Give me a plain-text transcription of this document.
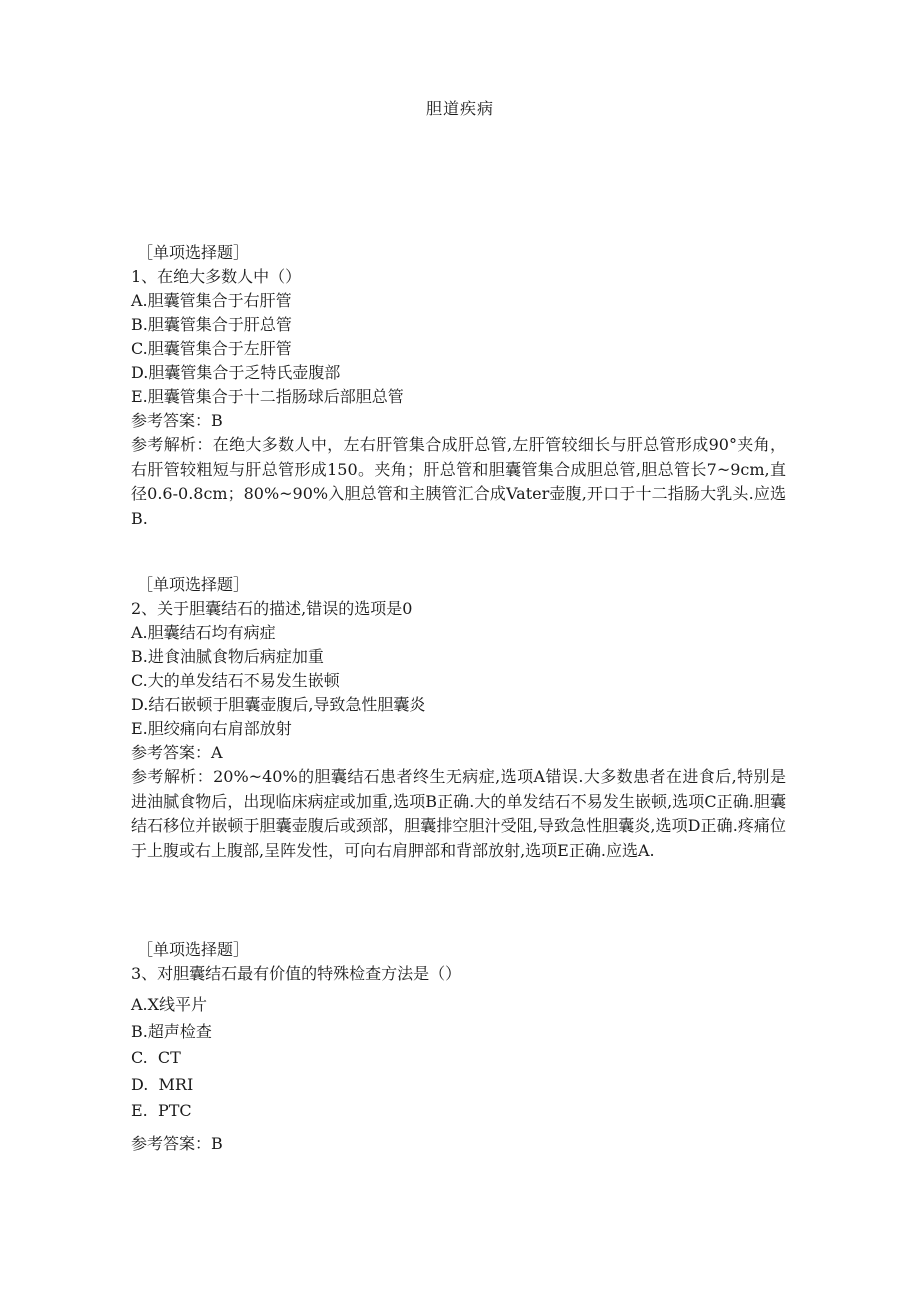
胆道疾病
［单项选择题］
1、在绝大多数人中（）
A.胆囊管集合于右肝管
B.胆囊管集合于肝总管
C.胆囊管集合于左肝管
D.胆囊管集合于乏特氏壶腹部
E.胆囊管集合于十二指肠球后部胆总管
参考答案：B
参考解析：在绝大多数人中，左右肝管集合成肝总管,左肝管较细长与肝总管形成90°夹角，右肝管较粗短与肝总管形成150。夹角；肝总管和胆囊管集合成胆总管,胆总管长7~9cm,直径0.6-0.8cm；80%~90%入胆总管和主胰管汇合成Vater壶腹,开口于十二指肠大乳头.应选B.
［单项选择题］
2、关于胆囊结石的描述,错误的选项是0
A.胆囊结石均有病症
B.进食油腻食物后病症加重
C.大的单发结石不易发生嵌顿
D.结石嵌顿于胆囊壶腹后,导致急性胆囊炎
E.胆绞痛向右肩部放射
参考答案：A
参考解析：20%~40%的胆囊结石患者终生无病症,选项A错误.大多数患者在进食后,特别是进油腻食物后，出现临床病症或加重,选项B正确.大的单发结石不易发生嵌顿,选项C正确.胆囊结石移位并嵌顿于胆囊壶腹后或颈部，胆囊排空胆汁受阻,导致急性胆囊炎,选项D正确.疼痛位于上腹或右上腹部,呈阵发性，可向右肩胛部和背部放射,选项E正确.应选A.
［单项选择题］
3、对胆囊结石最有价值的特殊检查方法是（）
A.X线平片
B.超声检查
C.  CT
D.  MRI
E.  PTC
参考答案：B
